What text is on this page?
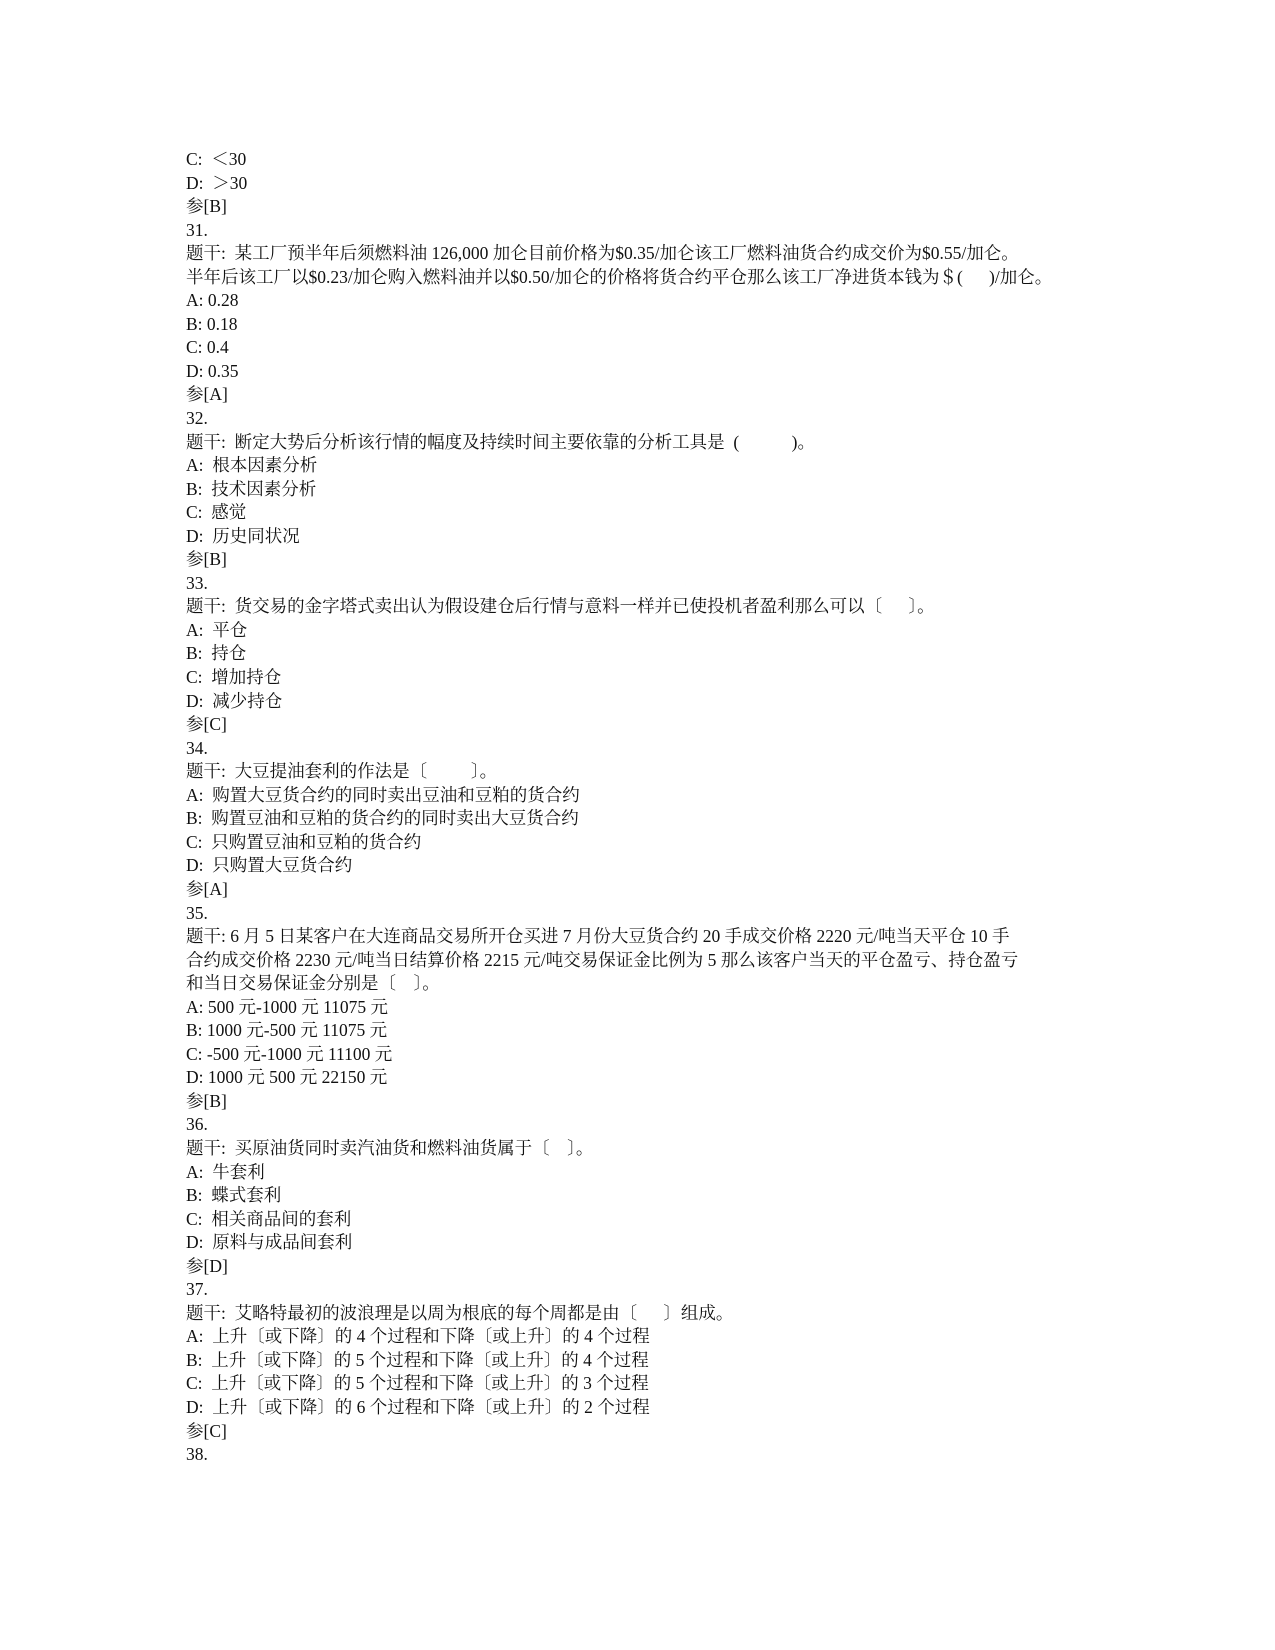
C:  ＜30
D:  ＞30
参[B]
31.
题干:  某工厂预半年后须燃料油 126,000 加仑目前价格为$0.35/加仑该工厂燃料油货合约成交价为$0.55/加仑。
半年后该工厂以$0.23/加仑购入燃料油并以$0.50/加仑的价格将货合约平仓那么该工厂净进货本钱为＄(      )/加仑。
A: 0.28
B: 0.18
C: 0.4
D: 0.35
参[A]
32.
题干:  断定大势后分析该行情的幅度及持续时间主要依靠的分析工具是  (            )。
A:  根本因素分析
B:  技术因素分析
C:  感觉
D:  历史同状况
参[B]
33.
题干:  货交易的金字塔式卖出认为假设建仓后行情与意料一样并已使投机者盈利那么可以〔      〕。
A:  平仓
B:  持仓
C:  增加持仓
D:  减少持仓
参[C]
34.
题干:  大豆提油套利的作法是〔          〕。
A:  购置大豆货合约的同时卖出豆油和豆粕的货合约
B:  购置豆油和豆粕的货合约的同时卖出大豆货合约
C:  只购置豆油和豆粕的货合约
D:  只购置大豆货合约
参[A]
35.
题干: 6 月 5 日某客户在大连商品交易所开仓买进 7 月份大豆货合约 20 手成交价格 2220 元/吨当天平仓 10 手
合约成交价格 2230 元/吨当日结算价格 2215 元/吨交易保证金比例为 5 那么该客户当天的平仓盈亏、持仓盈亏
和当日交易保证金分别是〔    〕。
A: 500 元-1000 元 11075 元
B: 1000 元-500 元 11075 元
C: -500 元-1000 元 11100 元
D: 1000 元 500 元 22150 元
参[B]
36.
题干:  买原油货同时卖汽油货和燃料油货属于〔    〕。
A:  牛套利
B:  蝶式套利
C:  相关商品间的套利
D:  原料与成品间套利
参[D]
37.
题干:  艾略特最初的波浪理是以周为根底的每个周都是由〔      〕组成。
A:  上升〔或下降〕的 4 个过程和下降〔或上升〕的 4 个过程
B:  上升〔或下降〕的 5 个过程和下降〔或上升〕的 4 个过程
C:  上升〔或下降〕的 5 个过程和下降〔或上升〕的 3 个过程
D:  上升〔或下降〕的 6 个过程和下降〔或上升〕的 2 个过程
参[C]
38.
